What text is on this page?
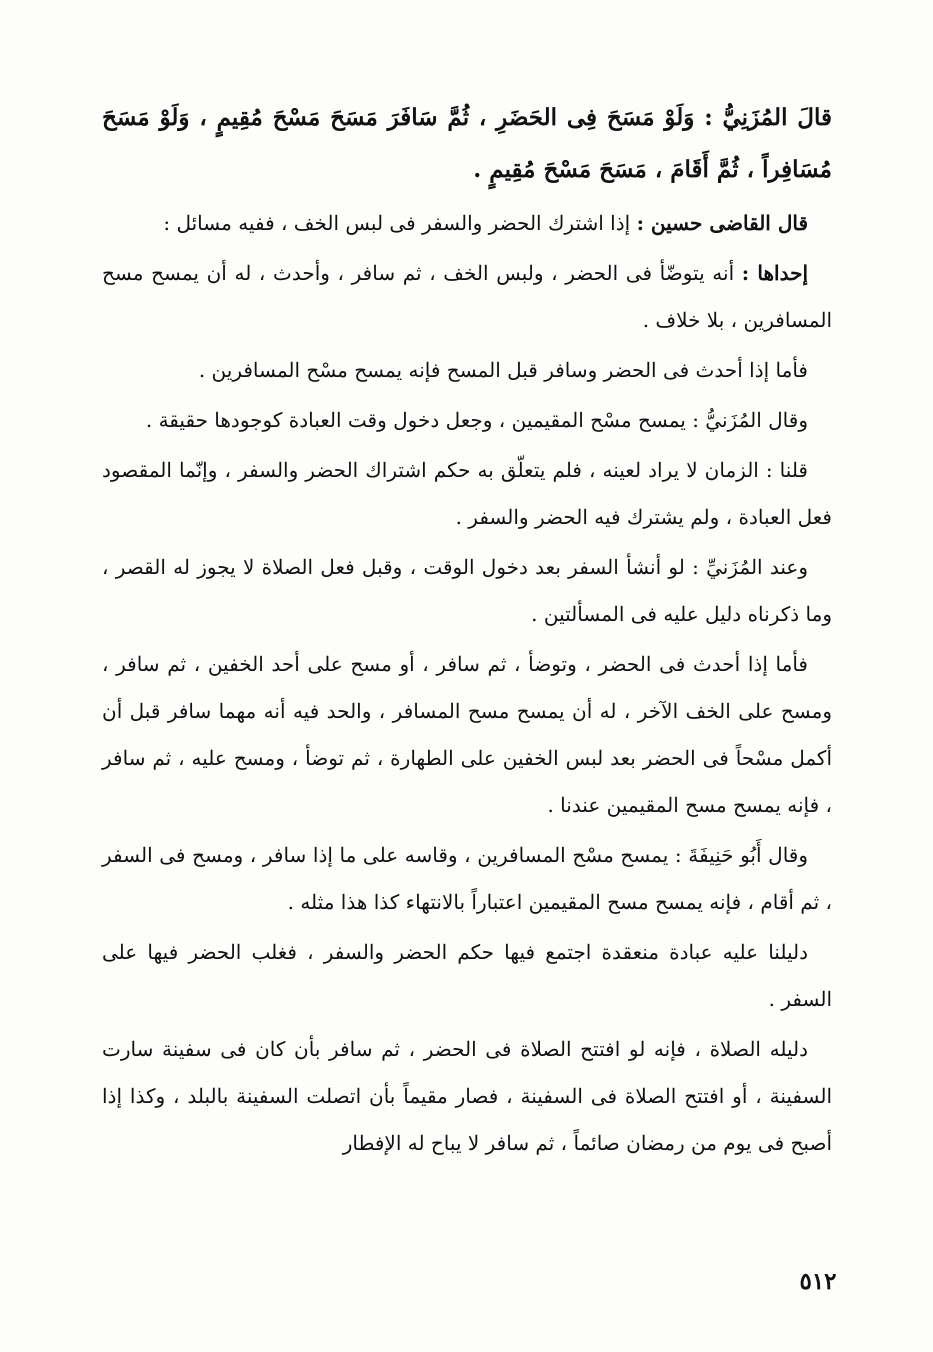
قالَ المُزَنِيُّ : وَلَوْ مَسَحَ فِى الحَضَرِ ، ثُمَّ سَافَرَ مَسَحَ مَسْحَ مُقِيمٍ ، وَلَوْ مَسَحَ مُسَافِراً ، ثُمَّ أَقَامَ ، مَسَحَ مَسْحَ مُقِيمٍ .

قال القاضى حسين : إذا اشترك الحضر والسفر فى لبس الخف ، ففيه مسائل :

إحداها : أنه يتوضّأ فى الحضر ، ولبس الخف ، ثم سافر ، وأحدث ، له أن يمسح مسح المسافرين ، بلا خلاف .

فأما إذا أحدث فى الحضر وسافر قبل المسح فإنه يمسح مسْح المسافرين .

وقال المُزَنيُّ : يمسح مسْح المقيمين ، وجعل دخول وقت العبادة كوجودها حقيقة .

قلنا : الزمان لا يراد لعينه ، فلم يتعلّق به حكم اشتراك الحضر والسفر ، وإنّما المقصود فعل العبادة ، ولم يشترك فيه الحضر والسفر .

وعند المُزَنيِّ : لو أنشأ السفر بعد دخول الوقت ، وقبل فعل الصلاة لا يجوز له القصر ، وما ذكرناه دليل عليه فى المسألتين .

فأما إذا أحدث فى الحضر ، وتوضأ ، ثم سافر ، أو مسح على أحد الخفين ، ثم سافر ، ومسح على الخف الآخر ، له أن يمسح مسح المسافر ، والحد فيه أنه مهما سافر قبل أن أكمل مسْحاً فى الحضر بعد لبس الخفين على الطهارة ، ثم توضأ ، ومسح عليه ، ثم سافر ، فإنه يمسح مسح المقيمين عندنا .

وقال أَبُو حَنِيفَةَ : يمسح مسْح المسافرين ، وقاسه على ما إذا سافر ، ومسح فى السفر ، ثم أقام ، فإنه يمسح مسح المقيمين اعتباراً بالانتهاء كذا هذا مثله .

دليلنا عليه عبادة منعقدة اجتمع فيها حكم الحضر والسفر ، فغلب الحضر فيها على السفر .

دليله الصلاة ، فإنه لو افتتح الصلاة فى الحضر ، ثم سافر بأن كان فى سفينة سارت السفينة ، أو افتتح الصلاة فى السفينة ، فصار مقيماً بأن اتصلت السفينة بالبلد ، وكذا إذا أصبح فى يوم من رمضان صائماً ، ثم سافر لا يباح له الإفطار

٥١٢
